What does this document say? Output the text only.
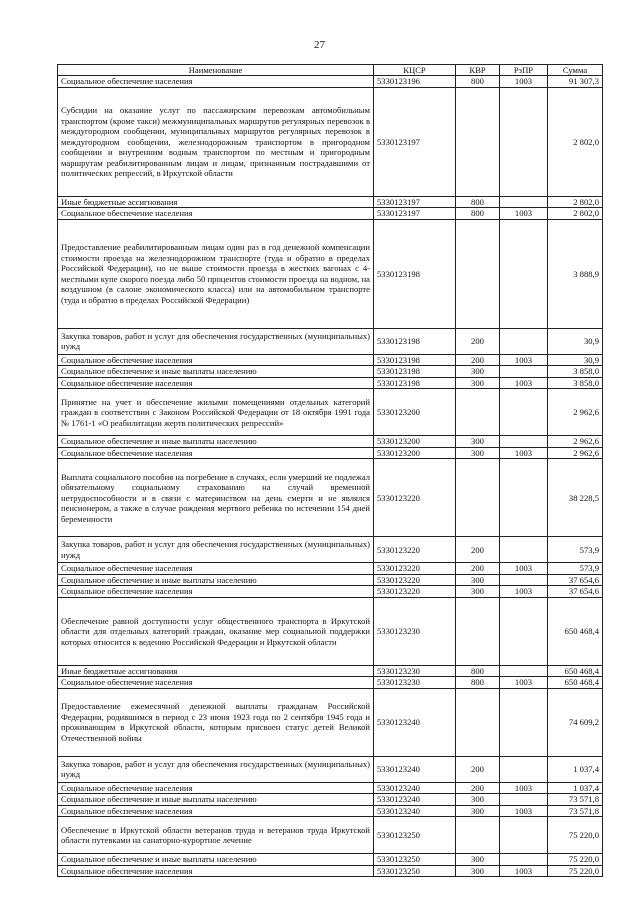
27
Наименование	КЦСР	КВР	РзПР	Сумма
Социальное обеспечение населения	5330123196	800	1003	91 307,3
Субсидии на оказание услуг по пассажирским перевозкам автомобильным транспортом (кроме такси) межмуниципальных маршрутов регулярных перевозок в междугородном сообщении, муниципальных маршрутов регулярных перевозок в междугородном сообщении, железнодорожным транспортом в пригородном сообщении и внутренним водным транспортом по местным и пригородным маршрутам реабилитированным лицам и лицам, признанным пострадавшими от политических репрессий, в Иркутской области	5330123197			2 802,0
Иные бюджетные ассигнования	5330123197	800		2 802,0
Социальное обеспечение населения	5330123197	800	1003	2 802,0
Предоставление реабилитированным лицам один раз в год денежной компенсации стоимости проезда на железнодорожном транспорте (туда и обратно в пределах Российской Федерации), но не выше стоимости проезда в жестких вагонах с 4-местными купе скорого поезда либо 50 процентов стоимости проезда на водном, на воздушном (в салоне экономического класса) или на автомобильном транспорте (туда и обратно в пределах Российской Федерации)	5330123198			3 888,9
Закупка товаров, работ и услуг для обеспечения государственных (муниципальных) нужд	5330123198	200		30,9
Социальное обеспечение населения	5330123198	200	1003	30,9
Социальное обеспечение и иные выплаты населению	5330123198	300		3 858,0
Социальное обеспечение населения	5330123198	300	1003	3 858,0
Принятие на учет и обеспечение жилыми помещениями отдельных категорий граждан в соответствии с Законом Российской Федерации от 18 октября 1991 года № 1761-1 «О реабилитации жертв политических репрессий»	5330123200			2 962,6
Социальное обеспечение и иные выплаты населению	5330123200	300		2 962,6
Социальное обеспечение населения	5330123200	300	1003	2 962,6
Выплата социального пособия на погребение в случаях, если умерший не подлежал обязательному социальному страхованию на случай временной нетрудоспособности и в связи с материнством на день смерти и не являлся пенсионером, а также в случае рождения мертвого ребенка по истечении 154 дней беременности	5330123220			38 228,5
Закупка товаров, работ и услуг для обеспечения государственных (муниципальных) нужд	5330123220	200		573,9
Социальное обеспечение населения	5330123220	200	1003	573,9
Социальное обеспечение и иные выплаты населению	5330123220	300		37 654,6
Социальное обеспечение населения	5330123220	300	1003	37 654,6
Обеспечение равной доступности услуг общественного транспорта в Иркутской области для отдельных категорий граждан, оказание мер социальной поддержки которых относится к ведению Российской Федерации и Иркутской области	5330123230			650 468,4
Иные бюджетные ассигнования	5330123230	800		650 468,4
Социальное обеспечение населения	5330123230	800	1003	650 468,4
Предоставление ежемесячной денежной выплаты гражданам Российской Федерации, родившимся в период с 23 июня 1923 года по 2 сентября 1945 года и проживающим в Иркутской области, которым присвоен статус детей Великой Отечественной войны	5330123240			74 609,2
Закупка товаров, работ и услуг для обеспечения государственных (муниципальных) нужд	5330123240	200		1 037,4
Социальное обеспечение населения	5330123240	200	1003	1 037,4
Социальное обеспечение и иные выплаты населению	5330123240	300		73 571,8
Социальное обеспечение населения	5330123240	300	1003	73 571,8
Обеспечение в Иркутской области ветеранов труда и ветеранов труда Иркутской области путевками на санаторно-курортное лечение	5330123250			75 220,0
Социальное обеспечение и иные выплаты населению	5330123250	300		75 220,0
Социальное обеспечение населения	5330123250	300	1003	75 220,0
